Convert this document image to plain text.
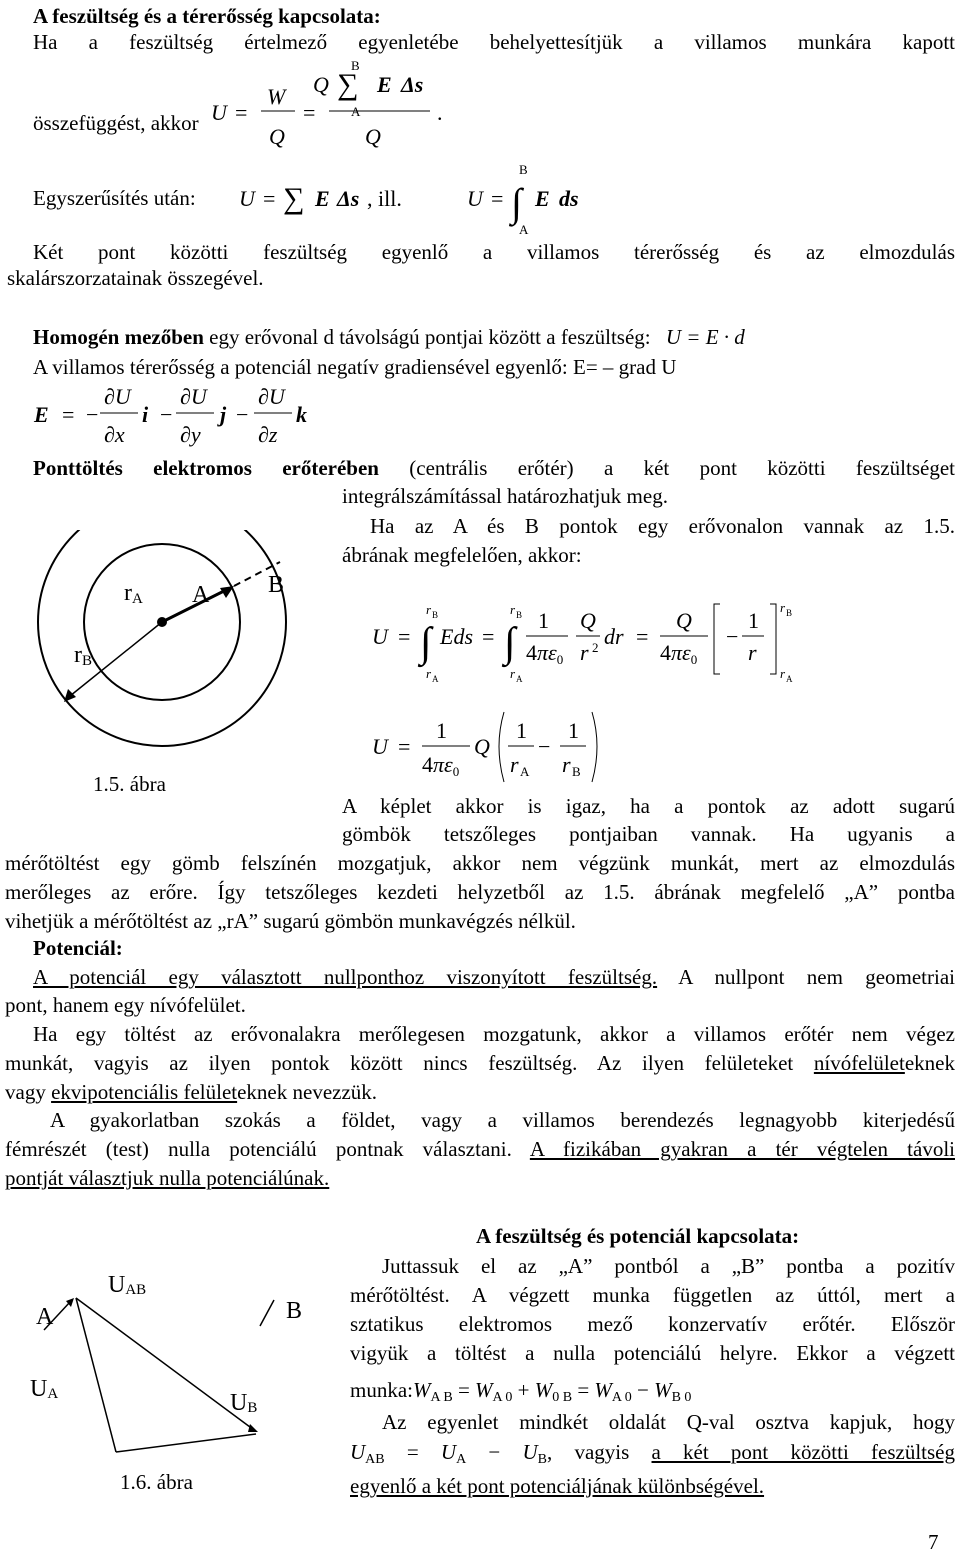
A feszültség és a térerősség kapcsolata:
Ha a feszültség értelmező egyenletébe behelyettesítjük a villamos munkára kapott
összefüggést, akkor U =
W
Q
=
Q ∑
B
A
E Δs
Q
.
Egyszerűsítés után: U = ∑ E Δs , ill.	U = ∫
B
A
E ds
Két pont közötti feszültség egyenlő a villamos térerősség és az elmozdulás
skalárszorzatainak összegével.
Homogén mezőben egy erővonal d távolságú pontjai között a feszültség: U = E · d
A villamos térerősség a potenciál negatív gradiensével egyenlő: E= – grad U
E = −
∂U
∂x
i −
∂U
∂y
j −
∂U
∂z
k
Ponttöltés elektromos erőterében (centrális erőtér) a két pont közötti feszültséget
integrálszámítással határozhatjuk meg.
Ha az A és B pontok egy erővonalon vannak az 1.5.
ábrának megfelelően, akkor:
rA A B
rB
1.5. ábra
U = ∫
r B
r A
Eds = ∫
r B
r A
1
4πε0
Q
r 2 dr =
Q
4πε0
−
1
r
r B
r A
U =
1
4πε0
Q
1
r A
−
1
r B
A képlet akkor is igaz, ha a pontok az adott sugarú
gömbök tetszőleges pontjaiban vannak. Ha ugyanis a
mérőtöltést egy gömb felszínén mozgatjuk, akkor nem végzünk munkát, mert az elmozdulás
merőleges az erőre. Így tetszőleges kezdeti helyzetből az 1.5. ábrának megfelelő „A” pontba
vihetjük a mérőtöltést az „rA” sugarú gömbön munkavégzés nélkül.
Potenciál:
A potenciál egy választott nullponthoz viszonyított feszültség. A nullpont nem geometriai
pont, hanem egy nívófelület.
Ha egy töltést az erővonalakra merőlegesen mozgatunk, akkor a villamos erőtér nem végez
munkát, vagyis az ilyen pontok között nincs feszültség. Az ilyen felületeket nívófelületeknek
vagy ekvipotenciális felületeknek nevezzük.
A gyakorlatban szokás a földet, vagy a villamos berendezés legnagyobb kiterjedésű
fémrészét (test) nulla potenciálú pontnak választani. A fizikában gyakran a tér végtelen távoli
pontját választjuk nulla potenciálúnak.
A feszültség és potenciál kapcsolata:
Juttassuk el az „A” pontból a „B” pontba a pozitív
mérőtöltést. A végzett munka független az úttól, mert a
sztatikus elektromos mező konzervatív erőtér. Először
vigyük a töltést a nulla potenciálú helyre. Ekkor a végzett
$munka:W_{A B} = W_{A 0} + W_{0 B} = W_{A 0} - W_{B 0}$
Az egyenlet mindkét oldalát Q-val osztva kapjuk, hogy
$U_{AB} = U_A - U_B$, vagyis a két pont közötti feszültség
egyenlő a két pont potenciáljának különbségével.
A	B
UAB
UA	UB
1.6. ábra
7
